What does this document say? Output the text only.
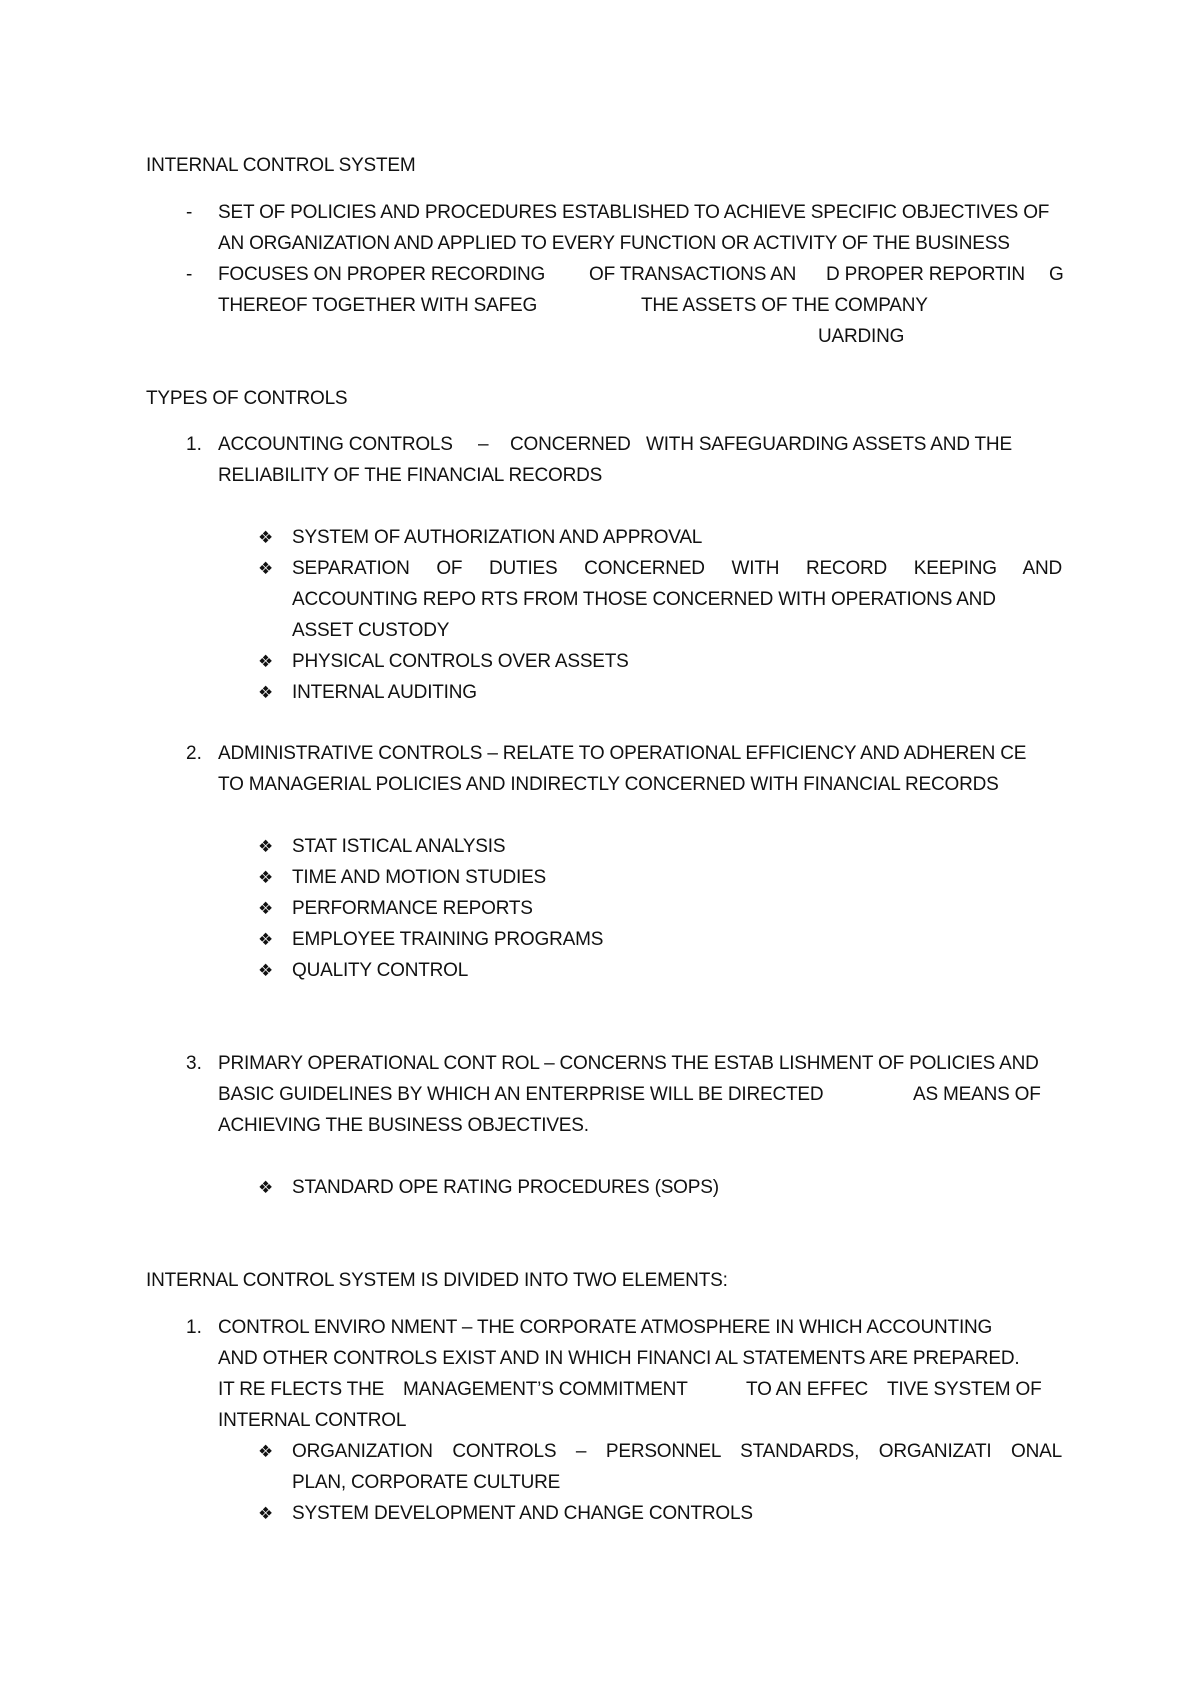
INTERNAL CONTROL SYSTEM
- SET OF POLICIES AND PROCEDURES ESTABLISHED TO ACHIEVE SPECIFIC OBJECTIVES OF
AN ORGANIZATION AND APPLIED TO EVERY FUNCTION OR ACTIVITY OF THE BUSINESS
- FOCUSES ON PROPER RECORDING OF TRANSACTIONS AN D PROPER REPORTIN G
THEREOF TOGETHER WITH SAFEG	THE ASSETS OF THE COMPANY
UARDING
TYPES OF CONTROLS
1. ACCOUNTING CONTROLS – CONCERNED WITH SAFEGUARDING ASSETS AND THE
RELIABILITY OF THE FINANCIAL RECORDS
❖ SYSTEM OF AUTHORIZATION AND APPROVAL
❖ SEPARATION OF DUTIES CONCERNED WITH RECORD KEEPING AND
ACCOUNTING REPO RTS FROM THOSE CONCERNED WITH OPERATIONS AND
ASSET CUSTODY
❖ PHYSICAL CONTROLS OVER ASSETS
❖ INTERNAL AUDITING
2. ADMINISTRATIVE CONTROLS – RELATE TO OPERATIONAL EFFICIENCY AND ADHEREN CE
TO MANAGERIAL POLICIES AND INDIRECTLY CONCERNED WITH FINANCIAL RECORDS
❖ STAT ISTICAL ANALYSIS
❖ TIME AND MOTION STUDIES
❖ PERFORMANCE REPORTS
❖ EMPLOYEE TRAINING PROGRAMS
❖ QUALITY CONTROL
3. PRIMARY OPERATIONAL CONT ROL – CONCERNS THE ESTAB LISHMENT OF POLICIES AND
BASIC GUIDELINES BY WHICH AN ENTERPRISE WILL BE DIRECTED	AS MEANS OF
ACHIEVING THE BUSINESS OBJECTIVES.
❖ STANDARD OPE RATING PROCEDURES (SOPS)
INTERNAL CONTROL SYSTEM IS DIVIDED INTO TWO ELEMENTS:
1. CONTROL ENVIRO NMENT – THE CORPORATE ATMOSPHERE IN WHICH ACCOUNTING
AND OTHER CONTROLS EXIST AND IN WHICH FINANCI AL STATEMENTS ARE PREPARED.
IT RE FLECTS THE MANAGEMENT’S COMMITMENT	TO AN EFFEC TIVE SYSTEM OF
INTERNAL CONTROL
❖ ORGANIZATION CONTROLS – PERSONNEL STANDARDS, ORGANIZATI ONAL
PLAN, CORPORATE CULTURE
❖ SYSTEM DEVELOPMENT AND CHANGE CONTROLS
